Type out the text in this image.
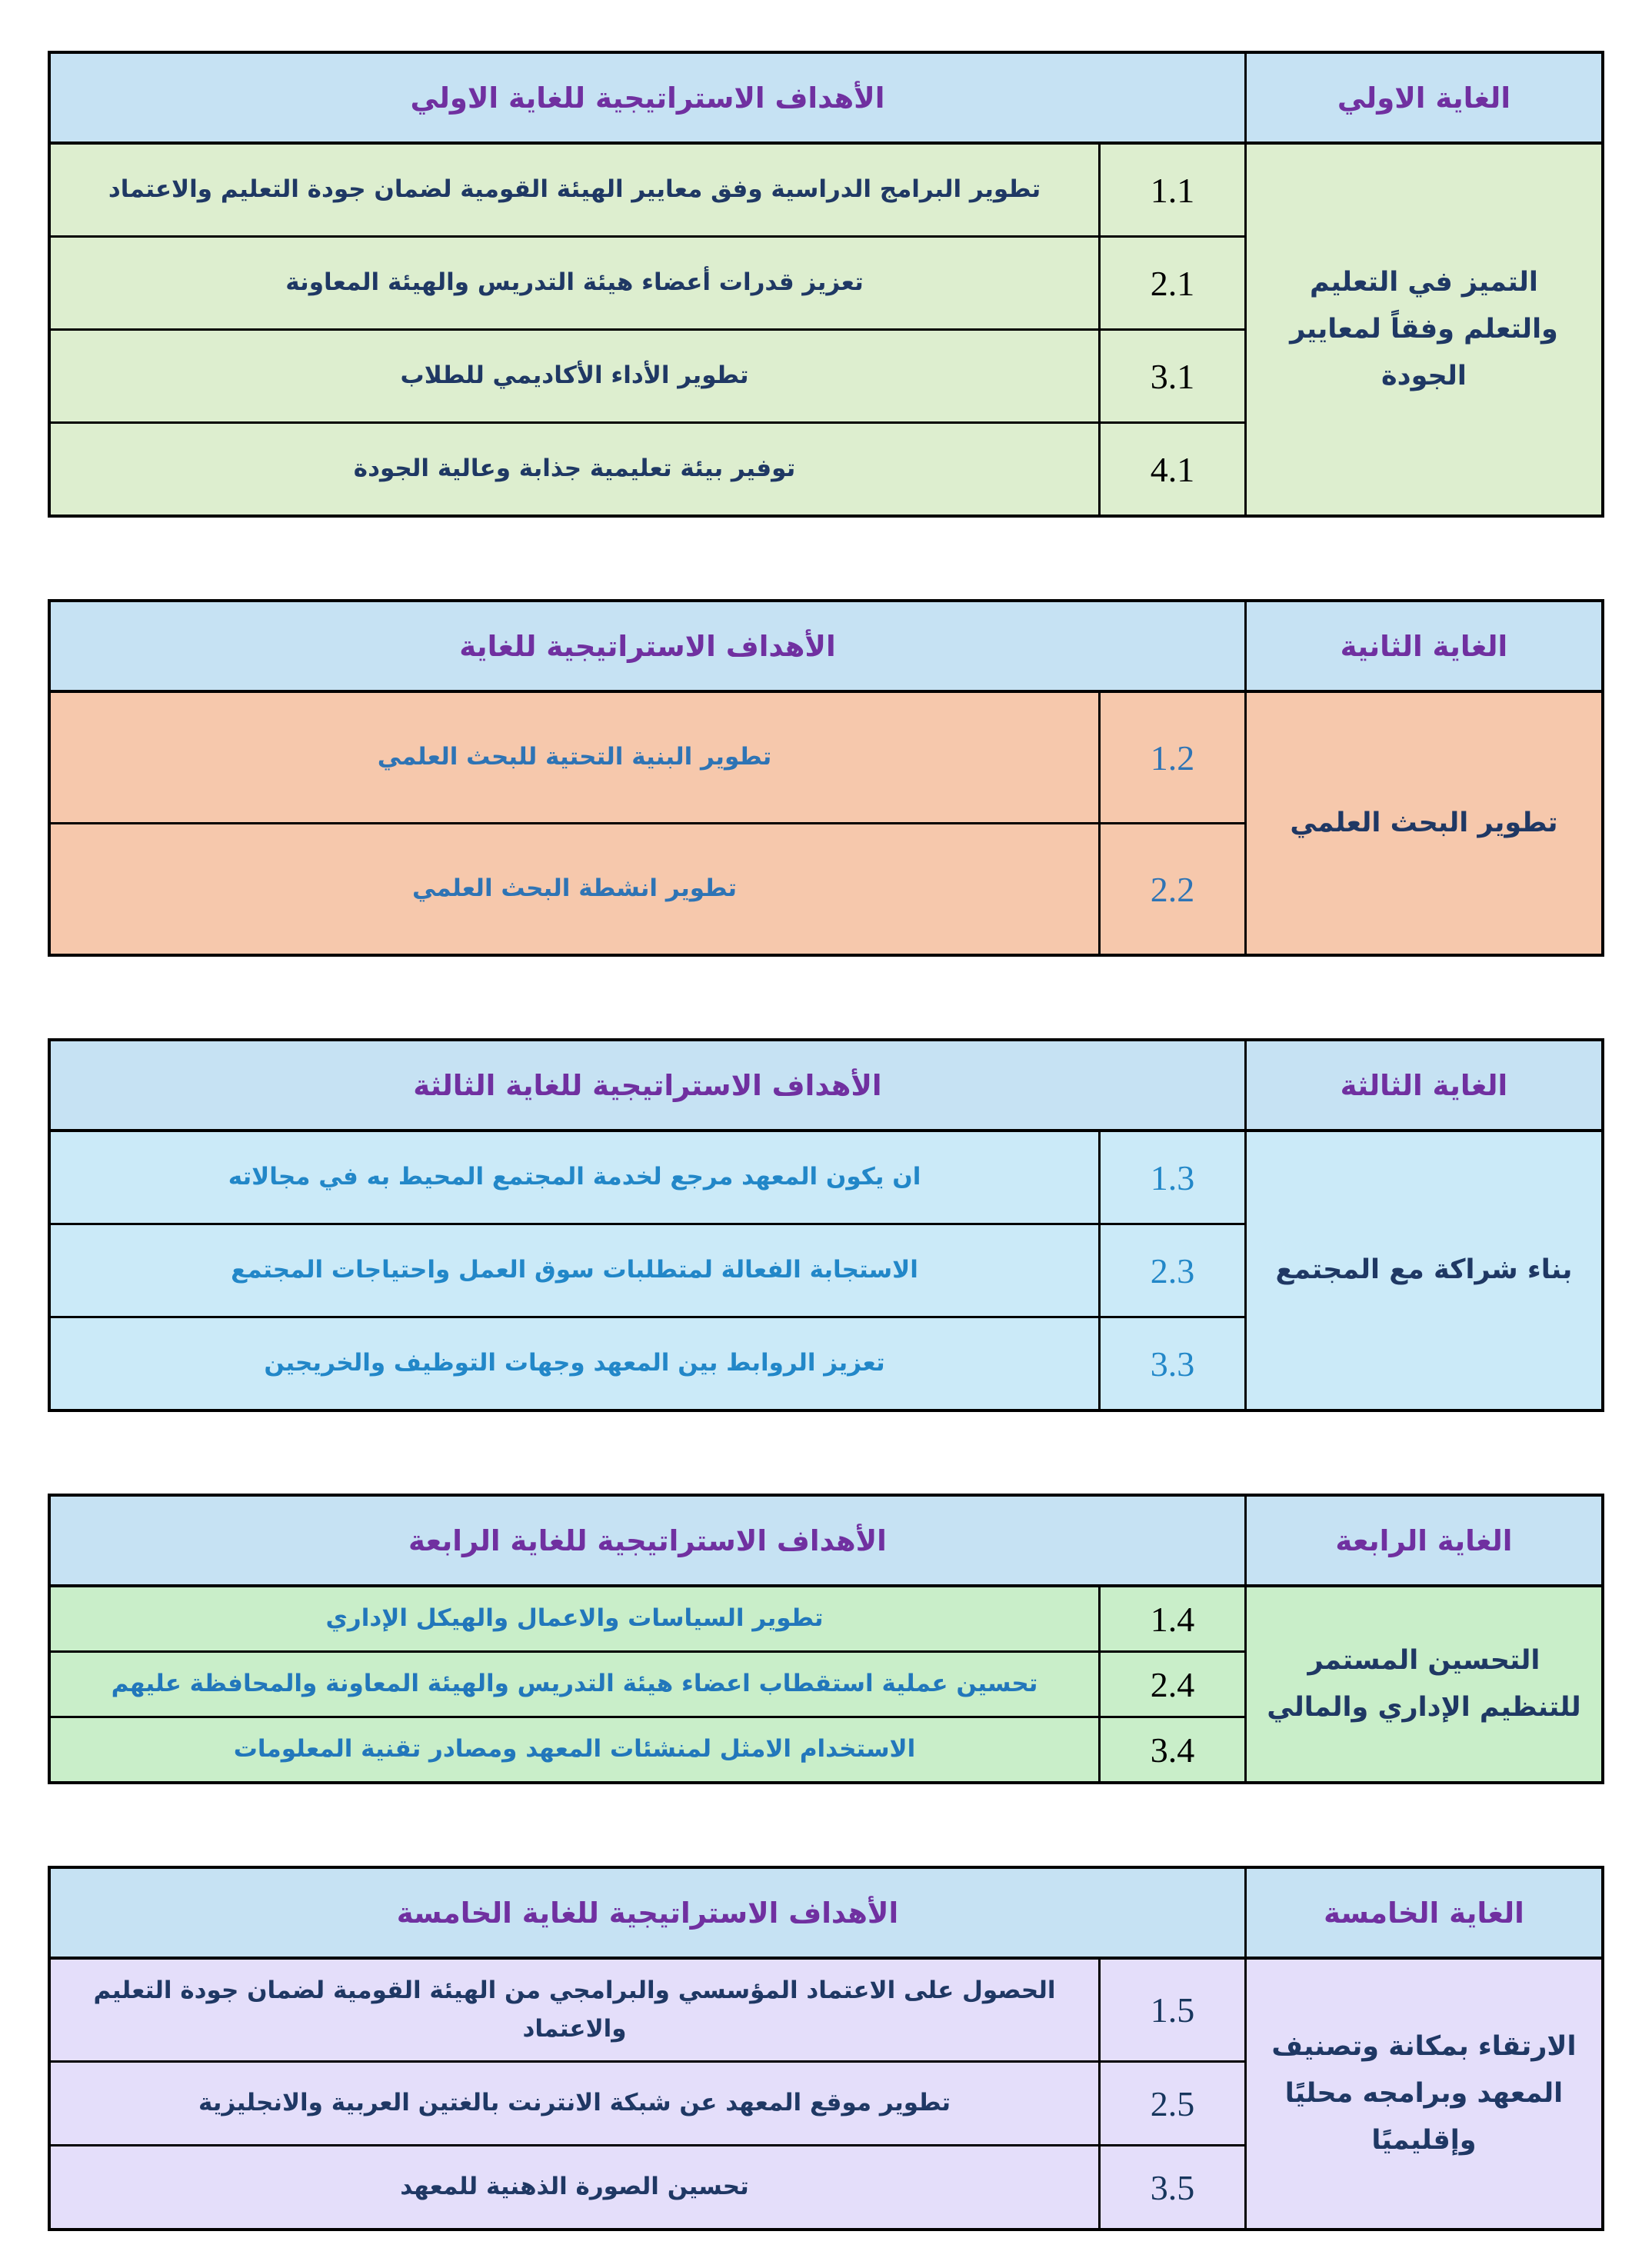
الغاية الاولي	الأهداف الاستراتيجية للغاية الاولي	
التميز في التعليم والتعلم وفقاً لمعايير الجودة	1.1	تطوير البرامج الدراسية وفق معايير الهيئة القومية لضمان جودة التعليم والاعتماد
	2.1	تعزيز قدرات أعضاء هيئة التدريس والهيئة المعاونة
	3.1	تطوير الأداء الأكاديمي للطلاب
	4.1	توفير بيئة تعليمية جذابة وعالية الجودة
الغاية الثانية	الأهداف الاستراتيجية للغاية	
تطوير البحث العلمي	1.2	تطوير البنية التحتية للبحث العلمي
	2.2	تطوير انشطة البحث العلمي
الغاية الثالثة	الأهداف الاستراتيجية للغاية الثالثة	
بناء شراكة مع المجتمع	1.3	ان يكون المعهد مرجع لخدمة المجتمع المحيط به في مجالاته
	2.3	الاستجابة الفعالة لمتطلبات سوق العمل واحتياجات المجتمع
	3.3	تعزيز الروابط بين المعهد وجهات التوظيف والخريجين
الغاية الرابعة	الأهداف الاستراتيجية للغاية الرابعة	
التحسين المستمر للتنظيم الإداري والمالي	1.4	تطوير السياسات والاعمال والهيكل الإداري
	2.4	تحسين عملية استقطاب اعضاء هيئة التدريس والهيئة المعاونة والمحافظة عليهم
	3.4	الاستخدام الامثل لمنشئات المعهد ومصادر تقنية المعلومات
الغاية الخامسة	الأهداف الاستراتيجية للغاية الخامسة	
الارتقاء بمكانة وتصنيف المعهد وبرامجه محليًا وإقليميًا	1.5	الحصول على الاعتماد المؤسسي والبرامجي من الهيئة القومية لضمان جودة التعليم والاعتماد
	2.5	تطوير موقع المعهد عن شبكة الانترنت بالغتين العربية والانجليزية
	3.5	تحسين الصورة الذهنية للمعهد
